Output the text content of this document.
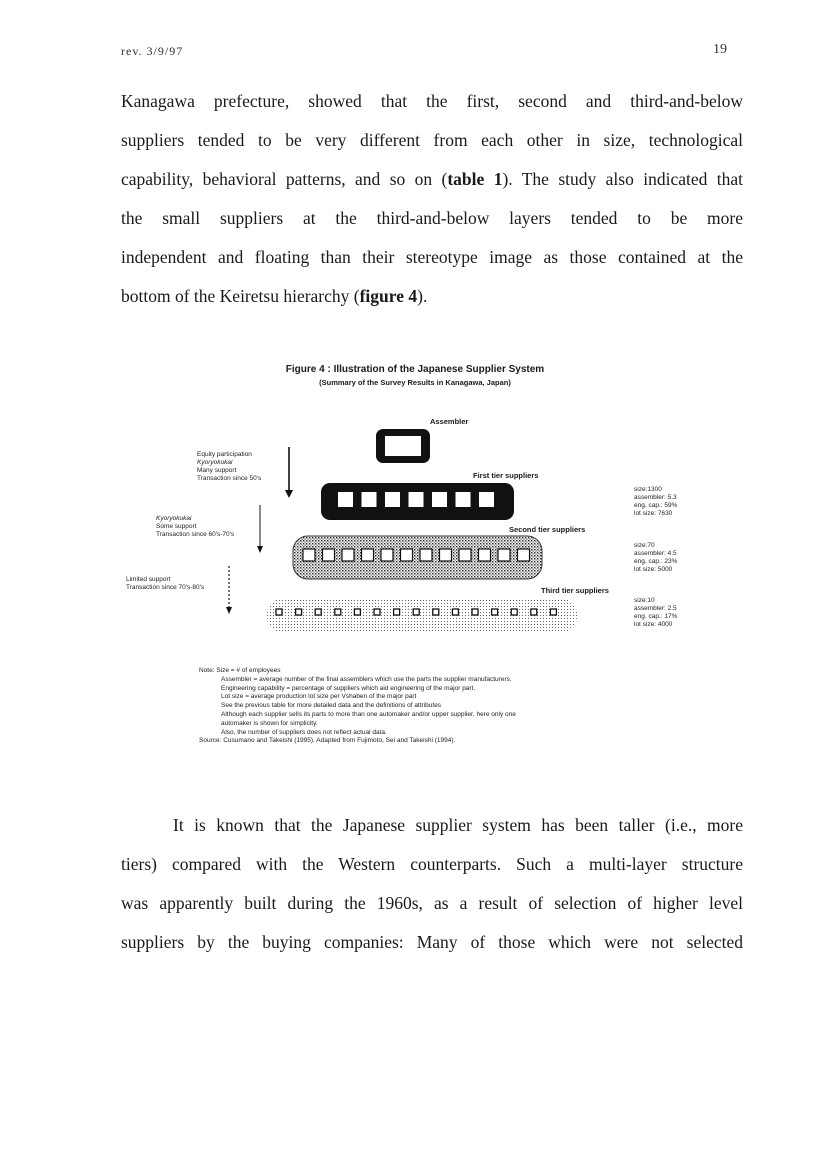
rev. 3/9/97	19
Kanagawa prefecture, showed that the first, second and third-and-below
suppliers tended to be very different from each other in size, technological
capability, behavioral patterns, and so on (table 1). The study also indicated that
the small suppliers at the third-and-below layers tended to be more
independent and floating than their stereotype image as those contained at the
bottom of the Keiretsu hierarchy (figure 4).
Figure 4 : Illustration of the Japanese Supplier System
(Summary of the Survey Results in Kanagawa, Japan)
Assembler
First tier suppliers
Second tier suppliers
Third tier suppliers
Equity participation
Kyoryokukai
Many support
Transaction since 50's
Kyoryokukai
Some support
Transaction since 60's-70's
Limited support
Transaction since 70's-80's
size:1300
assembler: 5.3
eng. cap.: 59%
lot size: 7630
size:70
assembler: 4.5
eng. cap.: 23%
lot size: 5000
size:10
assembler: 2.5
eng. cap.: 17%
lot size: 4000
Note: Size = # of employees
Assembler = average number of the final assemblers which use the parts the supplier manufacturers.
Engineering capability = percentage of suppliers which aid engineering of the major part.
Lot size = average production lot size per Vshaben of the major part
See the previous table for more detailed data and the definitions of attributes
Although each supplier sells its parts to more than one automaker and/or upper supplier, here only one
automaker is shown for simplicity.
Also, the number of suppliers does not reflect actual data.
Source: Cusumano and Takeishi (1995). Adapted from Fujimoto, Sei and Takeishi (1994).
It is known that the Japanese supplier system has been taller (i.e., more
tiers) compared with the Western counterparts. Such a multi-layer structure
was apparently built during the 1960s, as a result of selection of higher level
suppliers by the buying companies: Many of those which were not selected
